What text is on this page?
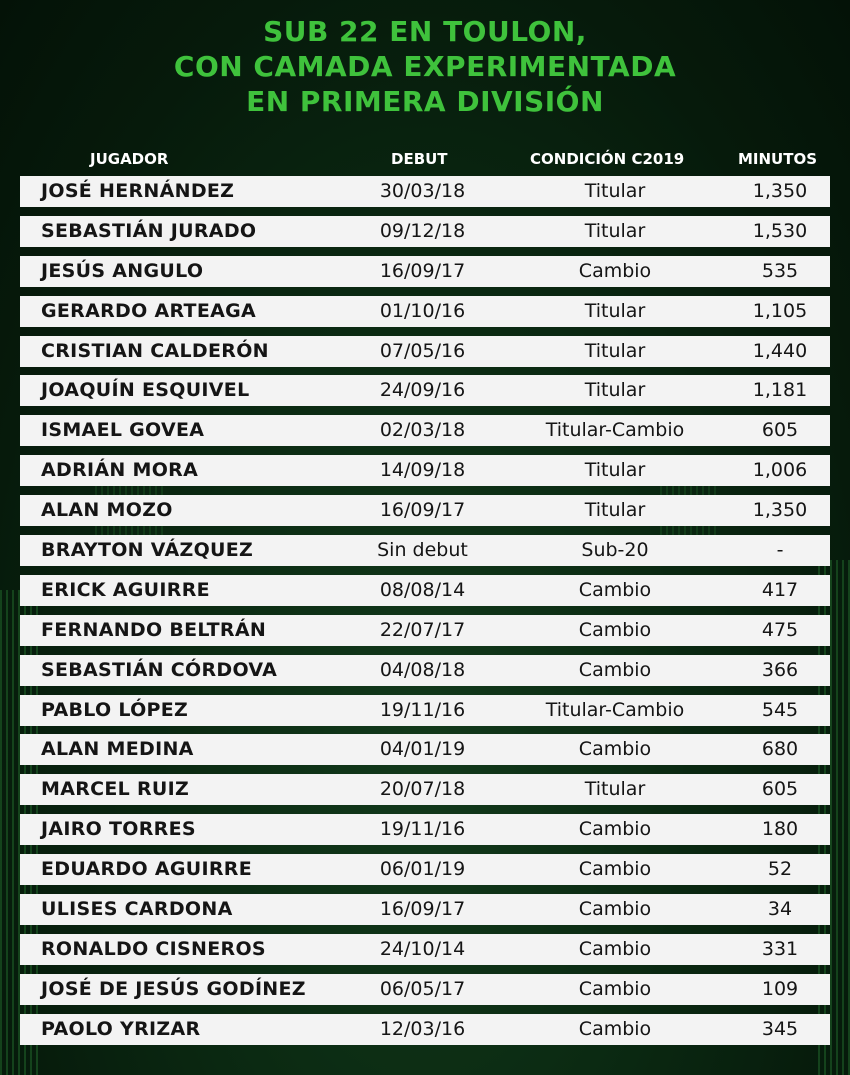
SUB 22 EN TOULON,
CON CAMADA EXPERIMENTADA
EN PRIMERA DIVISIÓN
JUGADOR	DEBUT	CONDICIÓN C2019	MINUTOS
JOSÉ HERNÁNDEZ	30/03/18	Titular	1,350
SEBASTIÁN JURADO	09/12/18	Titular	1,530
JESÚS ANGULO	16/09/17	Cambio	535
GERARDO ARTEAGA	01/10/16	Titular	1,105
CRISTIAN CALDERÓN	07/05/16	Titular	1,440
JOAQUÍN ESQUIVEL	24/09/16	Titular	1,181
ISMAEL GOVEA	02/03/18	Titular-Cambio	605
ADRIÁN MORA	14/09/18	Titular	1,006
ALAN MOZO	16/09/17	Titular	1,350
BRAYTON VÁZQUEZ	Sin debut	Sub-20	-
ERICK AGUIRRE	08/08/14	Cambio	417
FERNANDO BELTRÁN	22/07/17	Cambio	475
SEBASTIÁN CÓRDOVA	04/08/18	Cambio	366
PABLO LÓPEZ	19/11/16	Titular-Cambio	545
ALAN MEDINA	04/01/19	Cambio	680
MARCEL RUIZ	20/07/18	Titular	605
JAIRO TORRES	19/11/16	Cambio	180
EDUARDO AGUIRRE	06/01/19	Cambio	52
ULISES CARDONA	16/09/17	Cambio	34
RONALDO CISNEROS	24/10/14	Cambio	331
JOSÉ DE JESÚS GODÍNEZ	06/05/17	Cambio	109
PAOLO YRIZAR	12/03/16	Cambio	345
